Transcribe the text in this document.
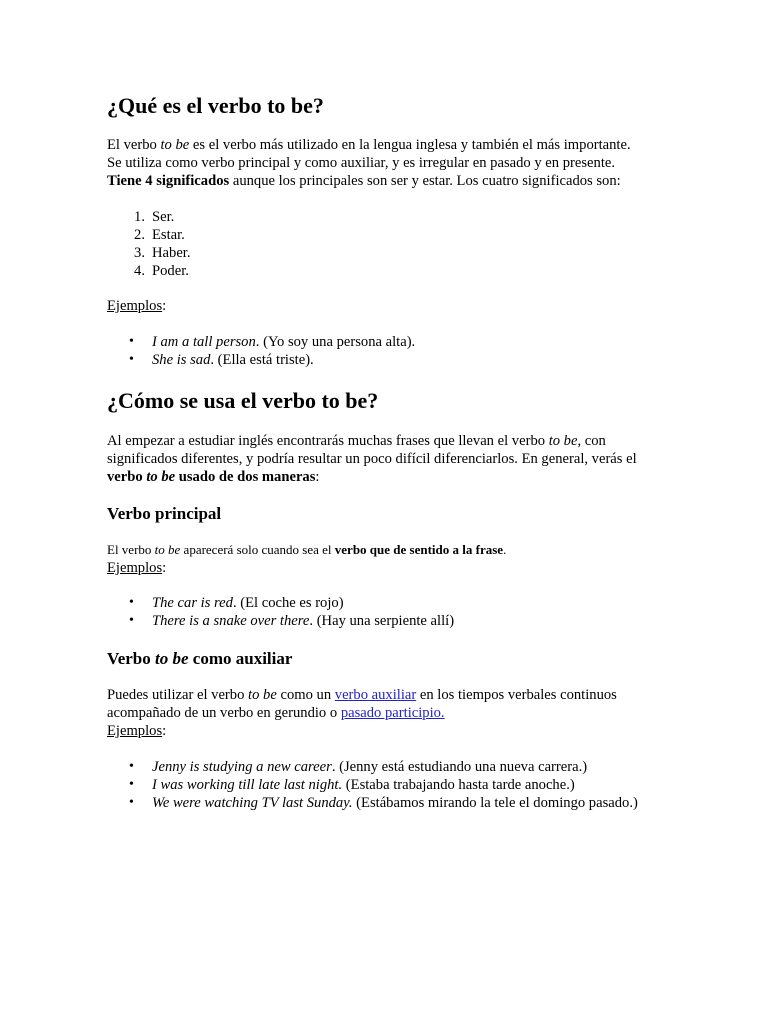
¿Qué es el verbo to be?
El verbo to be es el verbo más utilizado en la lengua inglesa y también el más importante.
Se utiliza como verbo principal y como auxiliar, y es irregular en pasado y en presente.
Tiene 4 significados aunque los principales son ser y estar. Los cuatro significados son:
1. Ser.
2. Estar.
3. Haber.
4. Poder.
Ejemplos:
• I am a tall person. (Yo soy una persona alta).
• She is sad. (Ella está triste).
¿Cómo se usa el verbo to be?
Al empezar a estudiar inglés encontrarás muchas frases que llevan el verbo to be, con
significados diferentes, y podría resultar un poco difícil diferenciarlos. En general, verás el
verbo to be usado de dos maneras:
Verbo principal
El verbo to be aparecerá solo cuando sea el verbo que de sentido a la frase.
Ejemplos:
• The car is red. (El coche es rojo)
• There is a snake over there. (Hay una serpiente allí)
Verbo to be como auxiliar
Puedes utilizar el verbo to be como un verbo auxiliar en los tiempos verbales continuos
acompañado de un verbo en gerundio o pasado participio.
Ejemplos:
• Jenny is studying a new career. (Jenny está estudiando una nueva carrera.)
• I was working till late last night. (Estaba trabajando hasta tarde anoche.)
• We were watching TV last Sunday. (Estábamos mirando la tele el domingo pasado.)
